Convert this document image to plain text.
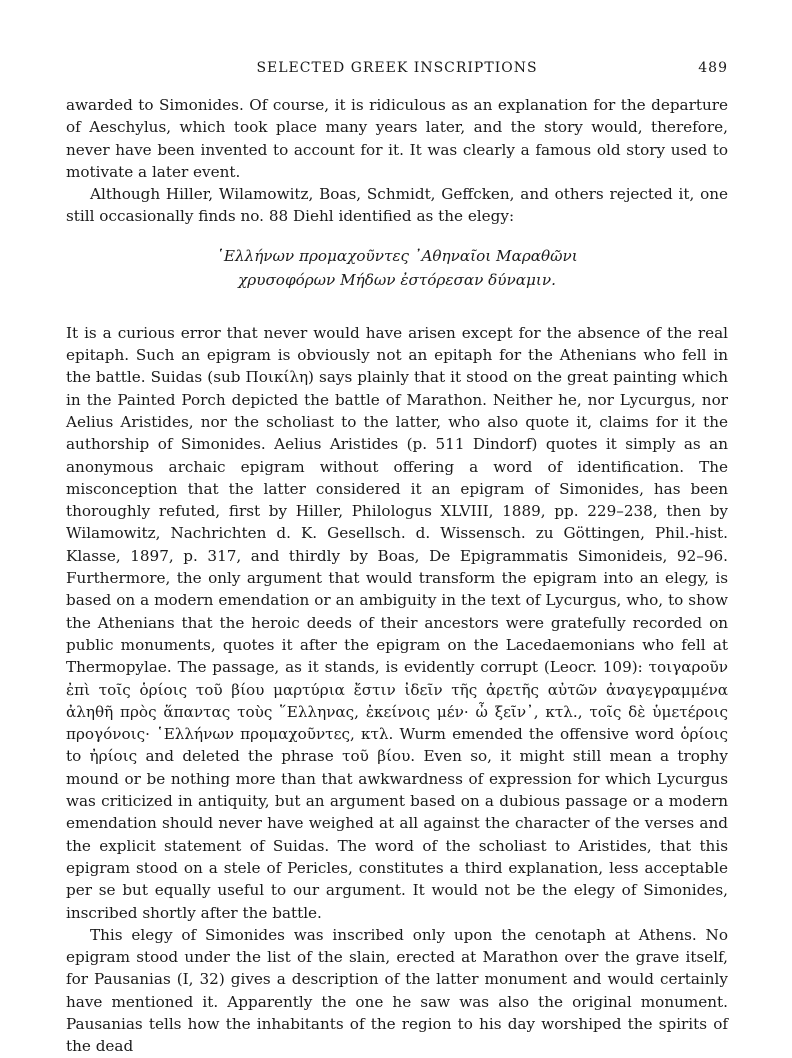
SELECTED GREEK INSCRIPTIONS	489

awarded to Simonides. Of course, it is ridiculous as an explanation for the departure of Aeschylus, which took place many years later, and the story would, therefore, never have been invented to account for it. It was clearly a famous old story used to motivate a later event.

Although Hiller, Wilamowitz, Boas, Schmidt, Geffcken, and others rejected it, one still occasionally finds no. 88 Diehl identified as the elegy:

῾Ελλήνων προμαχοῦντες ᾿Αθηναῖοι Μαραθῶνι
χρυσοφόρων Μήδων ἐστόρεσαν δύναμιν.

It is a curious error that never would have arisen except for the absence of the real epitaph. Such an epigram is obviously not an epitaph for the Athenians who fell in the battle. Suidas (sub Ποικίλη) says plainly that it stood on the great painting which in the Painted Porch depicted the battle of Marathon. Neither he, nor Lycurgus, nor Aelius Aristides, nor the scholiast to the latter, who also quote it, claims for it the authorship of Simonides. Aelius Aristides (p. 511 Dindorf) quotes it simply as an anonymous archaic epigram without offering a word of identification. The misconception that the latter considered it an epigram of Simonides, has been thoroughly refuted, first by Hiller, Philologus XLVIII, 1889, pp. 229–238, then by Wilamowitz, Nachrichten d. K. Gesellsch. d. Wissensch. zu Göttingen, Phil.-hist. Klasse, 1897, p. 317, and thirdly by Boas, De Epigrammatis Simonideis, 92–96. Furthermore, the only argument that would transform the epigram into an elegy, is based on a modern emendation or an ambiguity in the text of Lycurgus, who, to show the Athenians that the heroic deeds of their ancestors were gratefully recorded on public monuments, quotes it after the epigram on the Lacedaemonians who fell at Thermopylae. The passage, as it stands, is evidently corrupt (Leocr. 109): τοιγαροῦν ἐπὶ τοῖς ὁρίοις τοῦ βίου μαρτύρια ἔστιν ἰδεῖν τῆς ἀρετῆς αὐτῶν ἀναγεγραμμένα ἀληθῆ πρὸς ἅπαντας τοὺς ῞Ελληνας, ἐκείνοις μέν· ὦ ξεῖν᾿, κτλ., τοῖς δὲ ὑμετέροις προγόνοις· ῾Ελλήνων προμαχοῦντες, κτλ. Wurm emended the offensive word ὁρίοις to ἠρίοις and deleted the phrase τοῦ βίου. Even so, it might still mean a trophy mound or be nothing more than that awkwardness of expression for which Lycurgus was criticized in antiquity, but an argument based on a dubious passage or a modern emendation should never have weighed at all against the character of the verses and the explicit statement of Suidas. The word of the scholiast to Aristides, that this epigram stood on a stele of Pericles, constitutes a third explanation, less acceptable per se but equally useful to our argument. It would not be the elegy of Simonides, inscribed shortly after the battle.

This elegy of Simonides was inscribed only upon the cenotaph at Athens. No epigram stood under the list of the slain, erected at Marathon over the grave itself, for Pausanias (I, 32) gives a description of the latter monument and would certainly have mentioned it. Apparently the one he saw was also the original monument. Pausanias tells how the inhabitants of the region to his day worshiped the spirits of the dead
